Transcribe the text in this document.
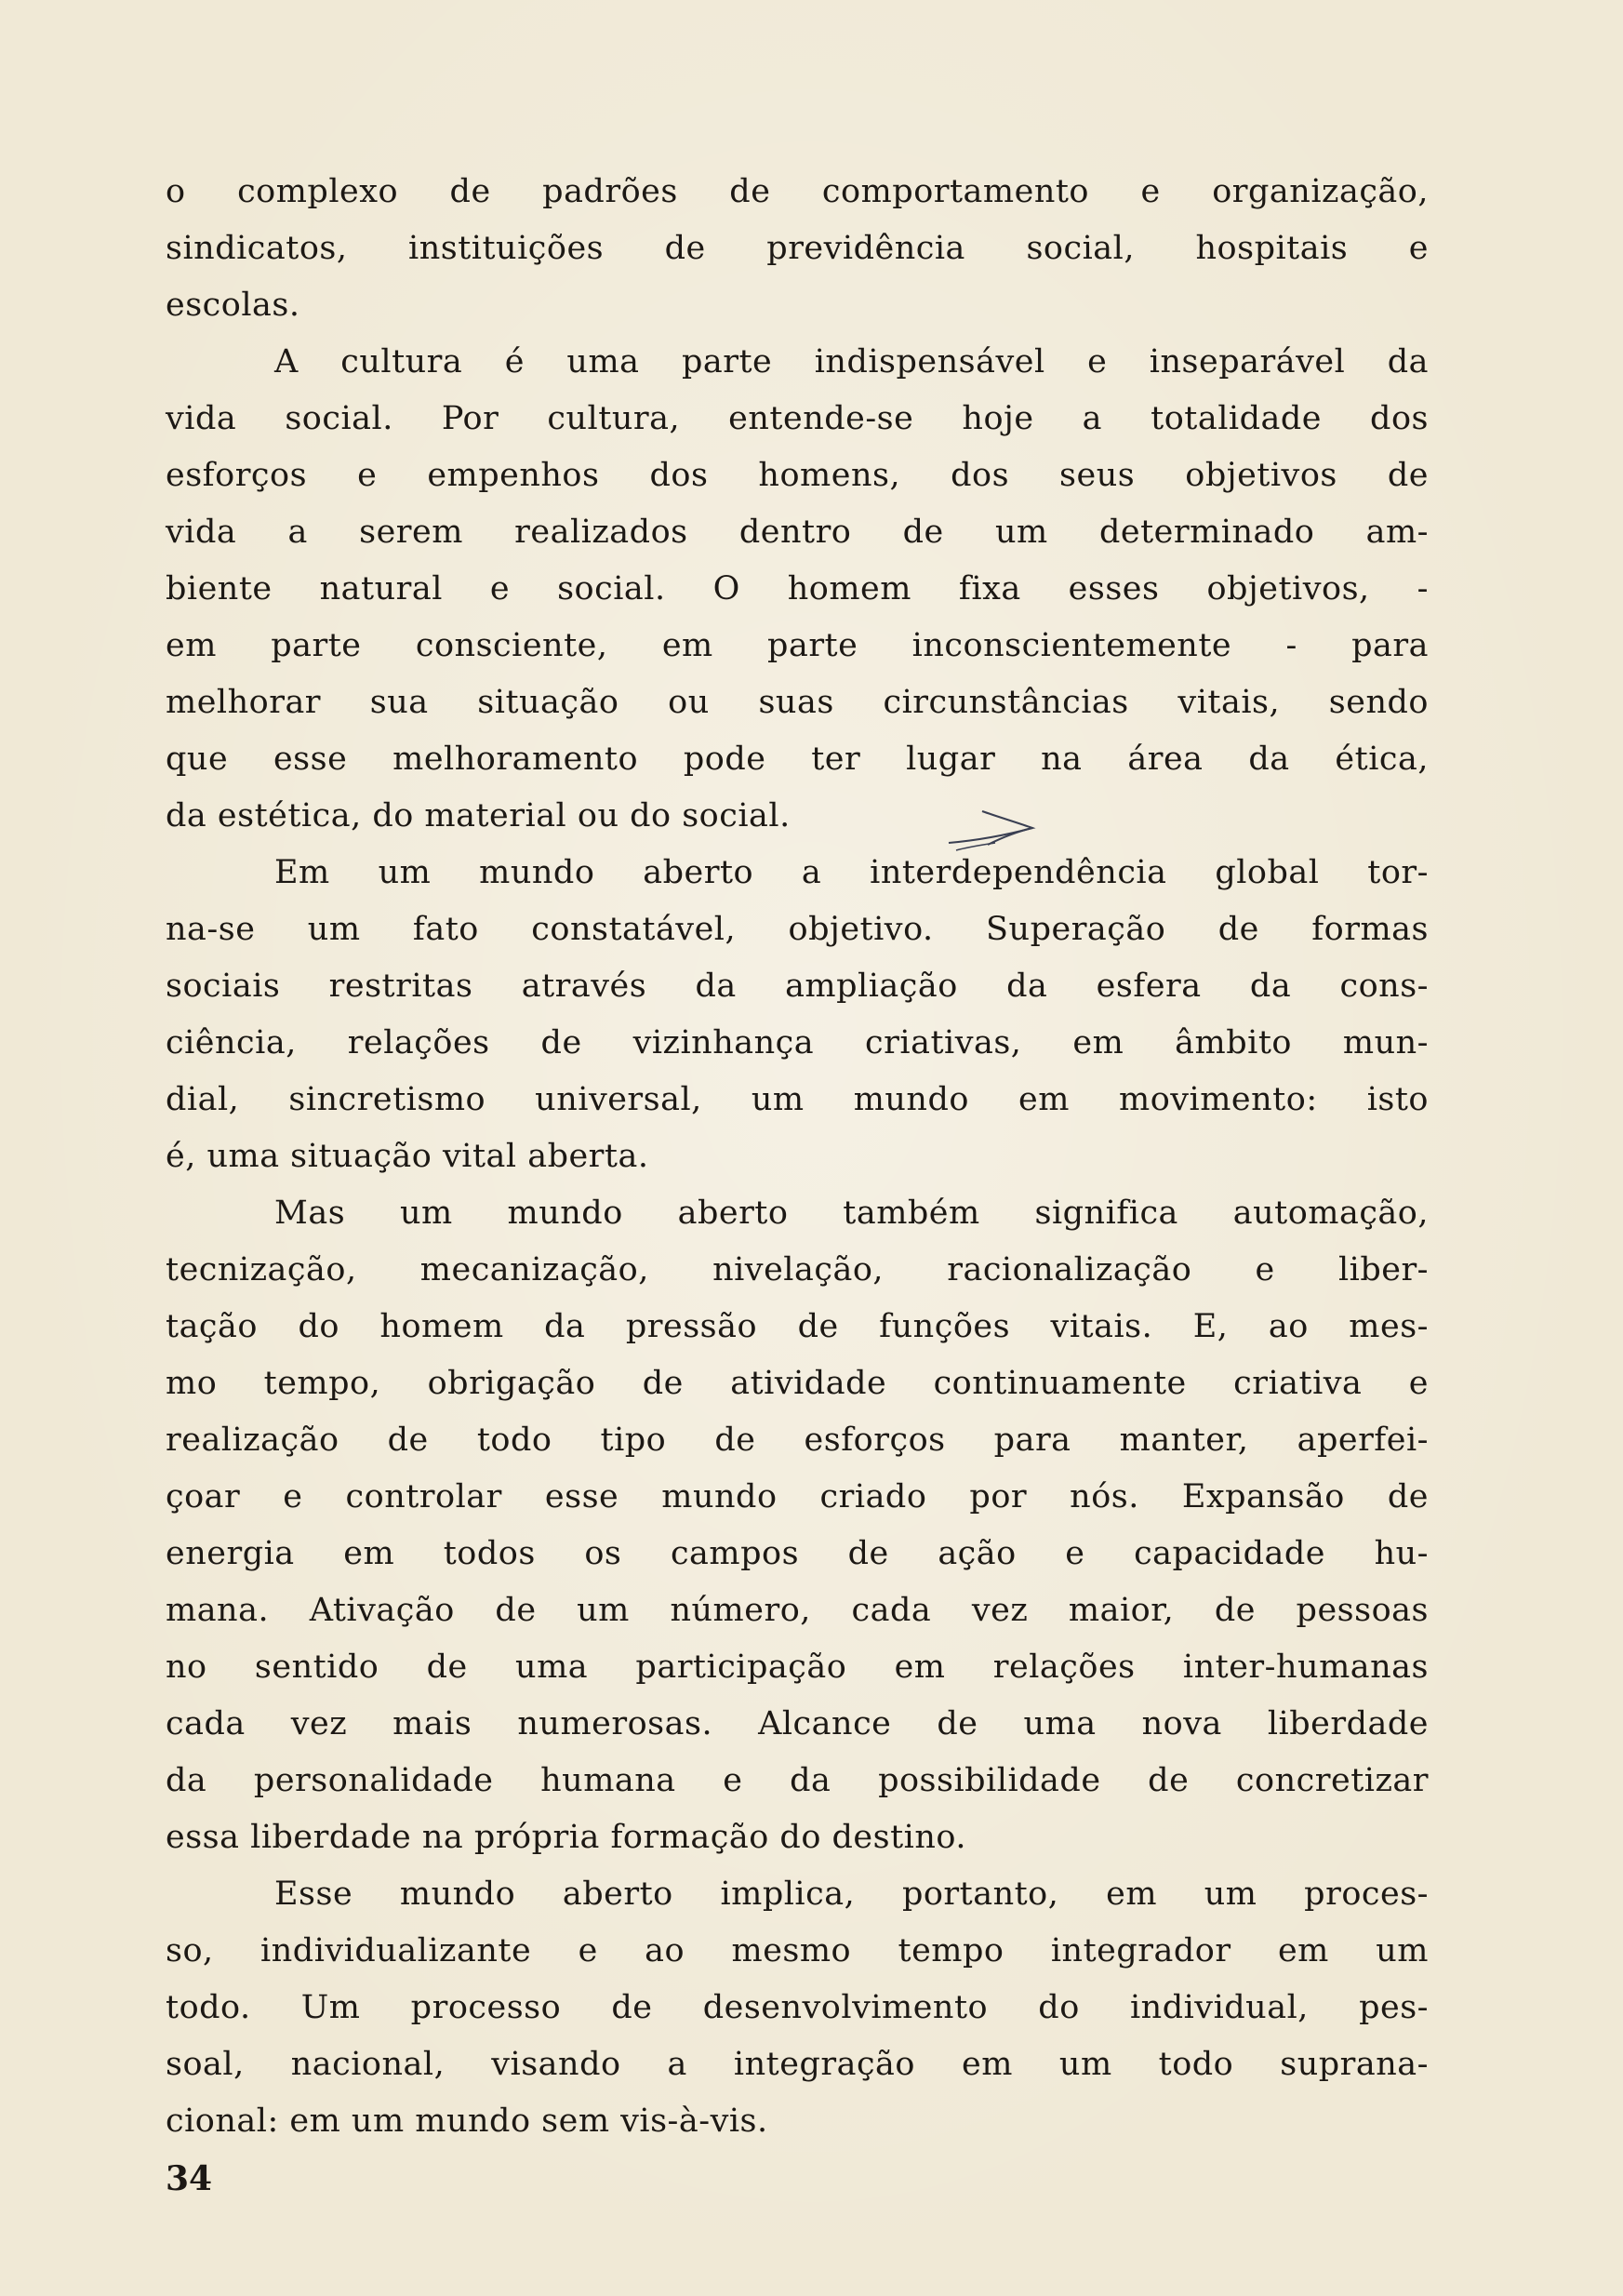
o complexo de padrões de comportamento e organização,
sindicatos, instituições de previdência social, hospitais e
escolas.
A cultura é uma parte indispensável e inseparável da
vida social. Por cultura, entende-se hoje a totalidade dos
esforços e empenhos dos homens, dos seus objetivos de
vida a serem realizados dentro de um determinado am-
biente natural e social. O homem fixa esses objetivos, -
em parte consciente, em parte inconscientemente - para
melhorar sua situação ou suas circunstâncias vitais, sendo
que esse melhoramento pode ter lugar na área da ética,
da estética, do material ou do social.
Em um mundo aberto a interdependência global tor-
na-se um fato constatável, objetivo. Superação de formas
sociais restritas através da ampliação da esfera da cons-
ciência, relações de vizinhança criativas, em âmbito mun-
dial, sincretismo universal, um mundo em movimento: isto
é, uma situação vital aberta.
Mas um mundo aberto também significa automação,
tecnização, mecanização, nivelação, racionalização e liber-
tação do homem da pressão de funções vitais. E, ao mes-
mo tempo, obrigação de atividade continuamente criativa e
realização de todo tipo de esforços para manter, aperfei-
çoar e controlar esse mundo criado por nós. Expansão de
energia em todos os campos de ação e capacidade hu-
mana. Ativação de um número, cada vez maior, de pessoas
no sentido de uma participação em relações inter-humanas
cada vez mais numerosas. Alcance de uma nova liberdade
da personalidade humana e da possibilidade de concretizar
essa liberdade na própria formação do destino.
Esse mundo aberto implica, portanto, em um proces-
so, individualizante e ao mesmo tempo integrador em um
todo. Um processo de desenvolvimento do individual, pes-
soal, nacional, visando a integração em um todo suprana-
cional: em um mundo sem vis-à-vis.
34
